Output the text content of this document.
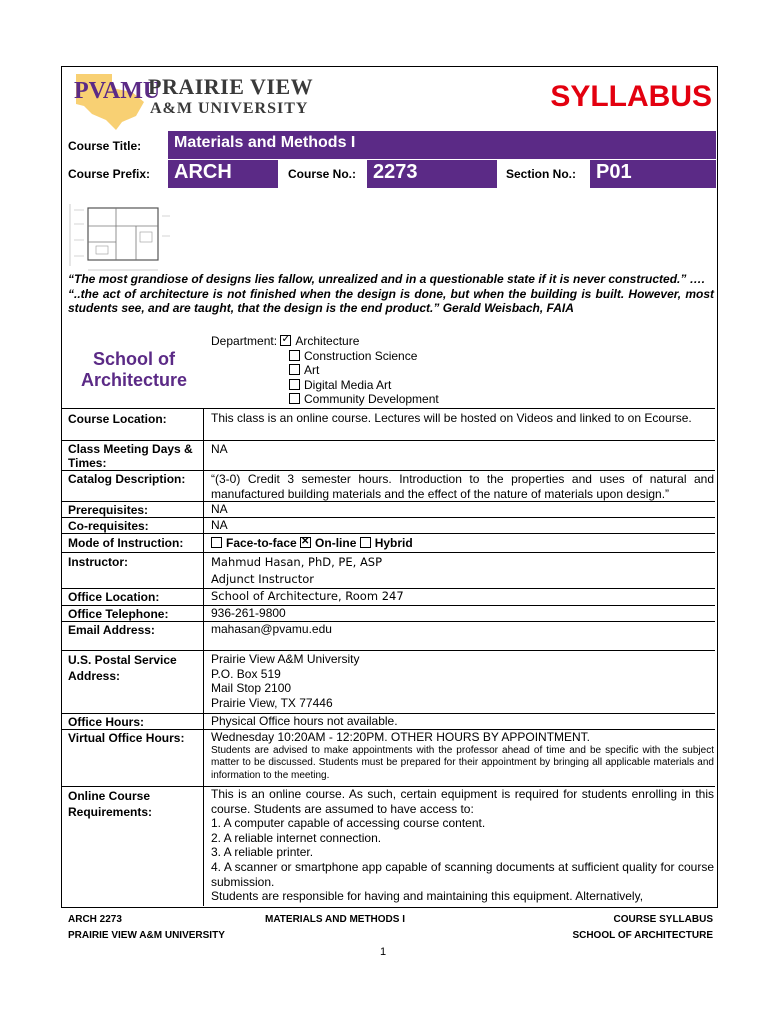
PVAMU
PRAIRIE VIEW
A&M UNIVERSITY	SYLLABUS
Course Title: Materials and Methods I
Course Prefix: ARCH	Course No.: 2273	Section No.: P01
“The most grandiose of designs lies fallow, unrealized and in a questionable state if it is never constructed.” ….
“..the act of architecture is not finished when the design is done, but when the building is built. However, most students see, and are taught, that the design is the end product.” Gerald Weisbach, FAIA
School of
Architecture
Department: ✓ Architecture
Construction Science
Art
Digital Media Art
Community Development
Course Location:	This class is an online course. Lectures will be hosted on Videos and linked to on Ecourse.
Class Meeting Days & Times:
NA
Catalog Description: “(3-0) Credit 3 semester hours. Introduction to the properties and uses of natural and manufactured building materials and the effect of the nature of materials upon design.”
Prerequisites:	NA
Co-requisites:	NA
Mode of Instruction:	Face-to-face ✕ On-line Hybrid
Instructor:	Mahmud Hasan, PhD, PE, ASP
Adjunct Instructor
Office Location:	School of Architecture, Room 247
Office Telephone:	936-261-9800
Email Address:	mahasan@pvamu.edu
U.S. Postal Service
Address:
Prairie View A&M University
P.O. Box 519
Mail Stop 2100
Prairie View, TX 77446
Office Hours:	Physical Office hours not available.
Virtual Office Hours: Wednesday 10:20AM - 12:20PM. OTHER HOURS BY APPOINTMENT.
Students are advised to make appointments with the professor ahead of time and be specific with the subject matter to be discussed. Students must be prepared for their appointment by bringing all applicable materials and information to the meeting.
Online Course
Requirements:
This is an online course. As such, certain equipment is required for students enrolling in this course. Students are assumed to have access to:
1. A computer capable of accessing course content.
2. A reliable internet connection.
3. A reliable printer.
4. A scanner or smartphone app capable of scanning documents at sufficient quality for course submission.
Students are responsible for having and maintaining this equipment. Alternatively,
ARCH 2273
PRAIRIE VIEW A&M UNIVERSITY
MATERIALS AND METHODS I	COURSE SYLLABUS
SCHOOL OF ARCHITECTURE
1
